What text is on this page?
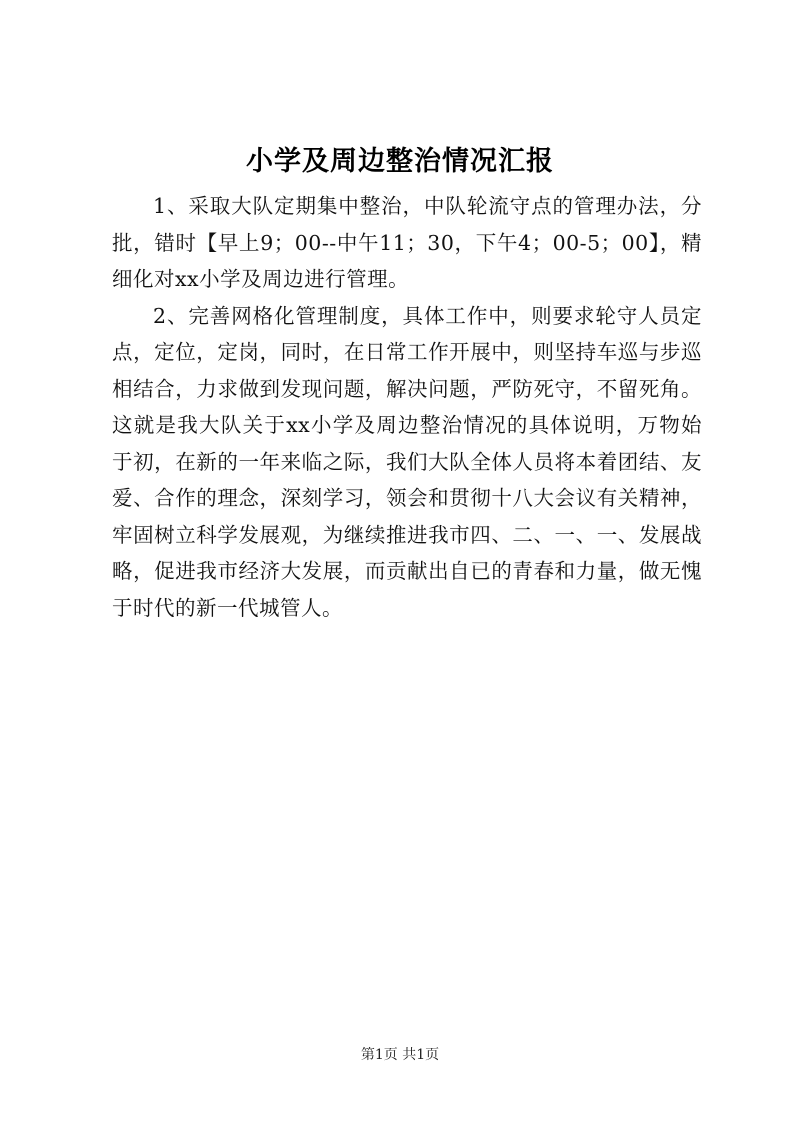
小学及周边整治情况汇报

1、采取大队定期集中整治，中队轮流守点的管理办法，分批，错时【早上9；00--中午11；30，下午4；00-5；00】，精细化对xx小学及周边进行管理。

2、完善网格化管理制度，具体工作中，则要求轮守人员定点，定位，定岗，同时，在日常工作开展中，则坚持车巡与步巡相结合，力求做到发现问题，解决问题，严防死守，不留死角。这就是我大队关于xx小学及周边整治情况的具体说明，万物始于初，在新的一年来临之际，我们大队全体人员将本着团结、友爱、合作的理念，深刻学习，领会和贯彻十八大会议有关精神，牢固树立科学发展观，为继续推进我市四、二、一、一、发展战略，促进我市经济大发展，而贡献出自已的青春和力量，做无愧于时代的新一代城管人。

第1页 共1页
